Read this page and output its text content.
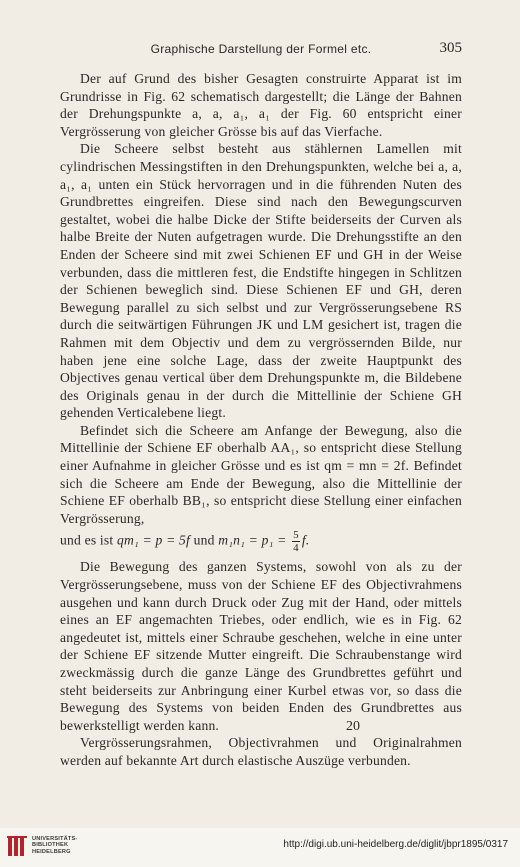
Graphische Darstellung der Formel etc.	305

Der auf Grund des bisher Gesagten construirte Apparat ist im Grundrisse in Fig. 62 schematisch dargestellt; die Länge der Bahnen der Drehungspunkte a, a, a₁, a₁ der Fig. 60 entspricht einer Vergrösserung von gleicher Grösse bis auf das Vierfache.

Die Scheere selbst besteht aus stählernen Lamellen mit cylindrischen Messingstiften in den Drehungspunkten, welche bei a, a, a₁, a₁ unten ein Stück hervorragen und in die führenden Nuten des Grundbrettes eingreifen. Diese sind nach den Bewegungscurven gestaltet, wobei die halbe Dicke der Stifte beiderseits der Curven als halbe Breite der Nuten aufgetragen wurde. Die Drehungsstifte an den Enden der Scheere sind mit zwei Schienen EF und GH in der Weise verbunden, dass die mittleren fest, die Endstifte hingegen in Schlitzen der Schienen beweglich sind. Diese Schienen EF und GH, deren Bewegung parallel zu sich selbst und zur Vergrösserungsebene RS durch die seitwärtigen Führungen JK und LM gesichert ist, tragen die Rahmen mit dem Objectiv und dem zu vergrössernden Bilde, nur haben jene eine solche Lage, dass der zweite Hauptpunkt des Objectives genau vertical über dem Drehungspunkte m, die Bildebene des Originals genau in der durch die Mittellinie der Schiene GH gehenden Verticalebene liegt.

Befindet sich die Scheere am Anfange der Bewegung, also die Mittellinie der Schiene EF oberhalb AA₁, so entspricht diese Stellung einer Aufnahme in gleicher Grösse und es ist qm = mn = 2f. Befindet sich die Scheere am Ende der Bewegung, also die Mittellinie der Schiene EF oberhalb BB₁, so entspricht diese Stellung einer einfachen Vergrösserung,

und es ist qm₁ = p = 5f und $m_1n_1 = p_1 = \frac{5}{4} f$.

Die Bewegung des ganzen Systems, sowohl von als zu der Vergrösserungsebene, muss von der Schiene EF des Objectivrahmens ausgehen und kann durch Druck oder Zug mit der Hand, oder mittels eines an EF angemachten Triebes, oder endlich, wie es in Fig. 62 angedeutet ist, mittels einer Schraube geschehen, welche in eine unter der Schiene EF sitzende Mutter eingreift. Die Schraubenstange wird zweckmässig durch die ganze Länge des Grundbrettes geführt und steht beiderseits zur Anbringung einer Kurbel etwas vor, so dass die Bewegung des Systems von beiden Enden des Grundbrettes aus bewerkstelligt werden kann.

Vergrösserungsrahmen, Objectivrahmen und Originalrahmen werden auf bekannte Art durch elastische Auszüge verbunden.

20
UNIVERSITÄTS-
BIBLIOTHEK
HEIDELBERG
http://digi.ub.uni-heidelberg.de/diglit/jbpr1895/0317
